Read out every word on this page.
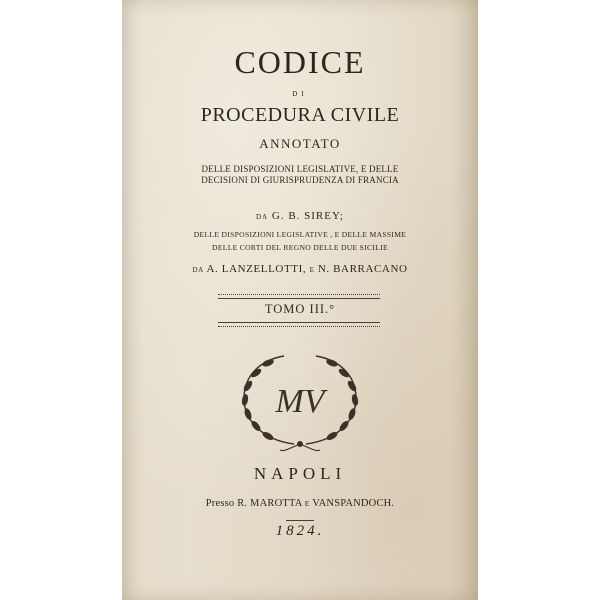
CODICE
DI
PROCEDURA CIVILE
ANNOTATO
DELLE DISPOSIZIONI LEGISLATIVE, E DELLE
DECISIONI DI GIURISPRUDENZA DI FRANCIA
DA G. B. SIREY;
DELLE DISPOSIZIONI LEGISLATIVE , E DELLE MASSIME
DELLE CORTI DEL REGNO DELLE DUE SICILIE
DA A. LANZELLOTTI, E N. BARRACANO
TOMO III.°
MV
NAPOLI
Presso R. MAROTTA E VANSPANDOCH.
1824.
